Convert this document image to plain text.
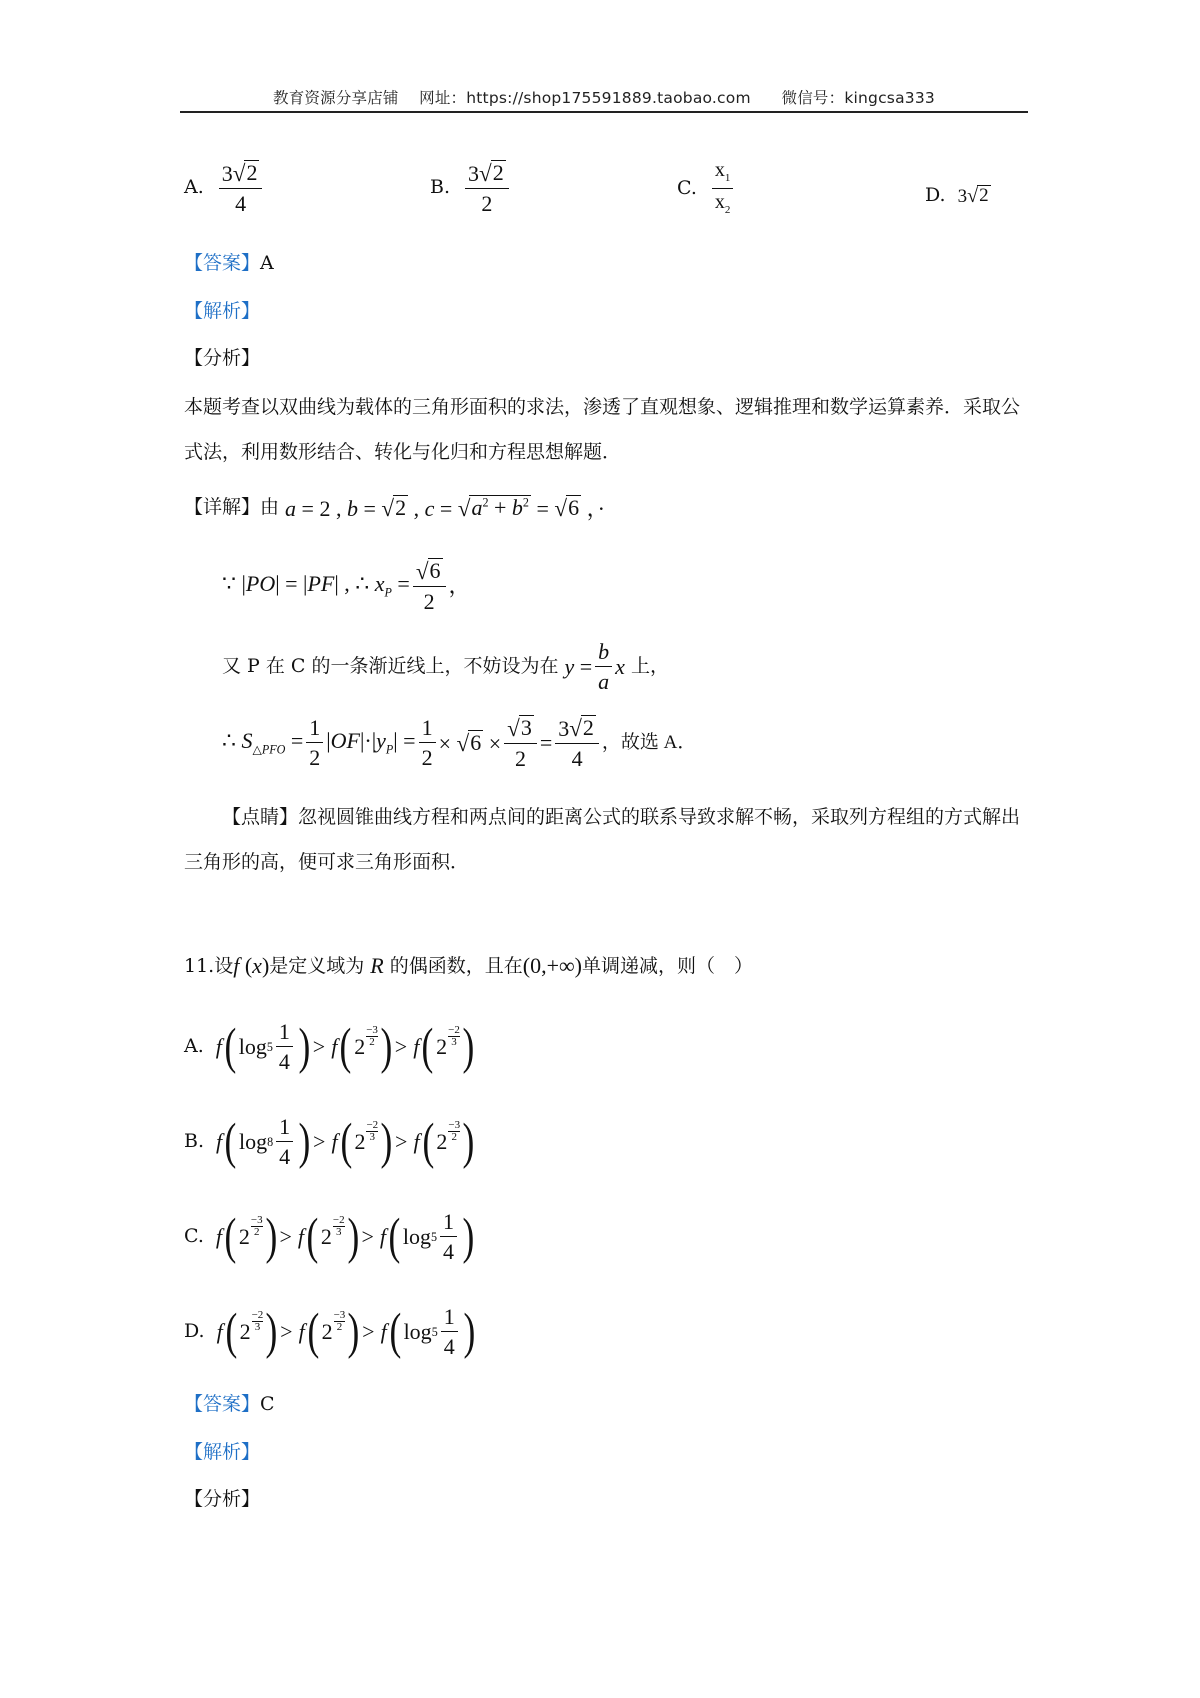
教育资源分享店铺 网址：https://shop175591889.taobao.com 微信号：kingcsa333
A. $\frac{3 √ 2}{4}$	B. $\frac{3 √ 2}{2}$	C. $\frac{x_1}{x_2}$	D. 3 √ 2
【答案】A
【解析】
【分析】
本题考查以双曲线为载体的三角形面积的求法，渗透了直观想象、逻辑推理和数学运算素养．采取公式法，利用数形结合、转化与化归和方程思想解题．
【详解】 由 a = 2 , b = √ 2 , c = √ $a^2 + b^2$ = √ 6 ，·
∵ |PO| = |PF| , ∴ $x_P = \frac{√ 6}{2}$ ，
又 P 在 C 的一条渐近线上，不妨设为在 $y = \frac{b}{a}$ x 上，
∴ $S_{\triangle PFO} = \frac{1}{2} |OF|\cdot|y_P| = \frac{1}{2}$ × √ $6 \times \frac{√ 3}{2} = \frac{3 √ 2}{4}$ ，故选 A．
【点睛】忽视圆锥曲线方程和两点间的距离公式的联系导致求解不畅，采取列方程组的方式解出三角形的高，便可求三角形面积．
11.设 f (x) 是定义域为 R 的偶函数，且在 (0,+∞) 单调递减，则（　）
A. f ( $\log 5 \frac{1}{4}$ ) > f ( 2
−3
2 ) > f ( 2
−2
3 )
B. f ( $\log 8 \frac{1}{4}$ ) > f ( 2
−2
3 ) > f ( 2
−3
2 )
C. f ( 2
−3
2 ) > f ( 2
−2
3 ) > f ( $\log 5 \frac{1}{4}$ )
D. f ( 2
−2
3 ) > f ( 2
−3
2 ) > f ( $\log 5 \frac{1}{4}$ )
【答案】C
【解析】
【分析】
